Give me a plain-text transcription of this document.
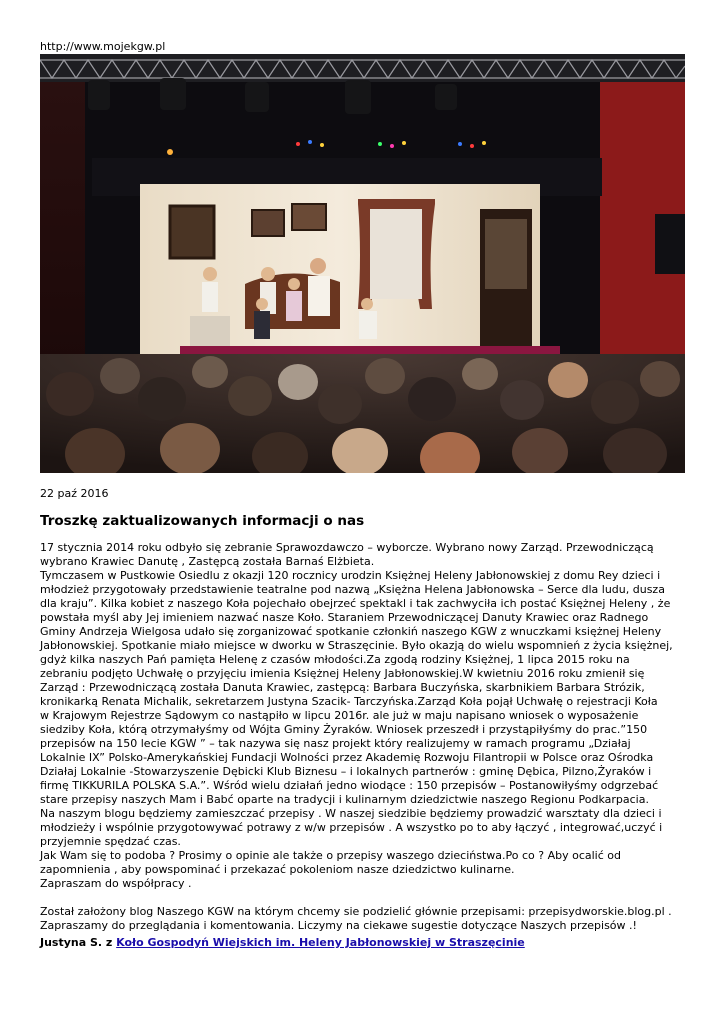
http://www.mojekgw.pl
22 paź 2016
Troszkę zaktualizowanych informacji o nas
17 stycznia 2014 roku odbyło się zebranie Sprawozdawczo – wyborcze. Wybrano nowy Zarząd. Przewodniczącą
wybrano Krawiec Danutę , Zastępcą została Barnaś Elżbieta.
Tymczasem w Pustkowie Osiedlu z okazji 120 rocznicy urodzin Księżnej Heleny Jabłonowskiej z domu Rey dzieci i
młodzież przygotowały przedstawienie teatralne pod nazwą „Księżna Helena Jabłonowska – Serce dla ludu, dusza
dla kraju”. Kilka kobiet z naszego Koła pojechało obejrzeć spektakl i tak zachwyciła ich postać Księżnej Heleny , że
powstała myśl aby Jej imieniem nazwać nasze Koło. Staraniem Przewodniczącej Danuty Krawiec oraz Radnego
Gminy Andrzeja Wielgosa udało się zorganizować spotkanie członkiń naszego KGW z wnuczkami księżnej Heleny
Jabłonowskiej. Spotkanie miało miejsce w dworku w Straszęcinie. Było okazją do wielu wspomnień z życia księżnej,
gdyż kilka naszych Pań pamięta Helenę z czasów młodości.Za zgodą rodziny Księżnej, 1 lipca 2015 roku na
zebraniu podjęto Uchwałę o przyjęciu imienia Księżnej Heleny Jabłonowskiej.W kwietniu 2016 roku zmienił się
Zarząd : Przewodniczącą została Danuta Krawiec, zastępcą: Barbara Buczyńska, skarbnikiem Barbara Strózik,
kronikarką Renata Michalik, sekretarzem Justyna Szacik- Tarczyńska.Zarząd Koła pojął Uchwałę o rejestracji Koła
w Krajowym Rejestrze Sądowym co nastąpiło w lipcu 2016r. ale już w maju napisano wniosek o wyposażenie
siedziby Koła, którą otrzymałyśmy od Wójta Gminy Żyraków. Wniosek przeszedł i przystąpiłyśmy do prac.”150
przepisów na 150 lecie KGW ” – tak nazywa się nasz projekt który realizujemy w ramach programu „Działaj
Lokalnie IX” Polsko-Amerykańskiej Fundacji Wolności przez Akademię Rozwoju Filantropii w Polsce oraz Ośrodka
Działaj Lokalnie -Stowarzyszenie Dębicki Klub Biznesu – i lokalnych partnerów : gminę Dębica, Pilzno,Żyraków i
firmę TIKKURILA POLSKA S.A.”. Wśród wielu działań jedno wiodące : 150 przepisów – Postanowiłyśmy odgrzebać
stare przepisy naszych Mam i Babć oparte na tradycji i kulinarnym dziedzictwie naszego Regionu Podkarpacia.
Na naszym blogu będziemy zamieszczać przepisy . W naszej siedzibie będziemy prowadzić warsztaty dla dzieci i
młodzieży i wspólnie przygotowywać potrawy z w/w przepisów . A wszystko po to aby łączyć , integrować,uczyć i
przyjemnie spędzać czas.
Jak Wam się to podoba ? Prosimy o opinie ale także o przepisy waszego dzieciństwa.Po co ? Aby ocalić od
zapomnienia , aby powspominać i przekazać pokoleniom nasze dziedzictwo kulinarne.
Zapraszam do współpracy .
Został założony blog Naszego KGW na którym chcemy sie podzielić głównie przepisami: przepisydworskie.blog.pl .
Zapraszamy do przeglądania i komentowania. Liczymy na ciekawe sugestie dotyczące Naszych przepisów .!
Justyna S. z Koło Gospodyń Wiejskich im. Heleny Jabłonowskiej w Straszęcinie
